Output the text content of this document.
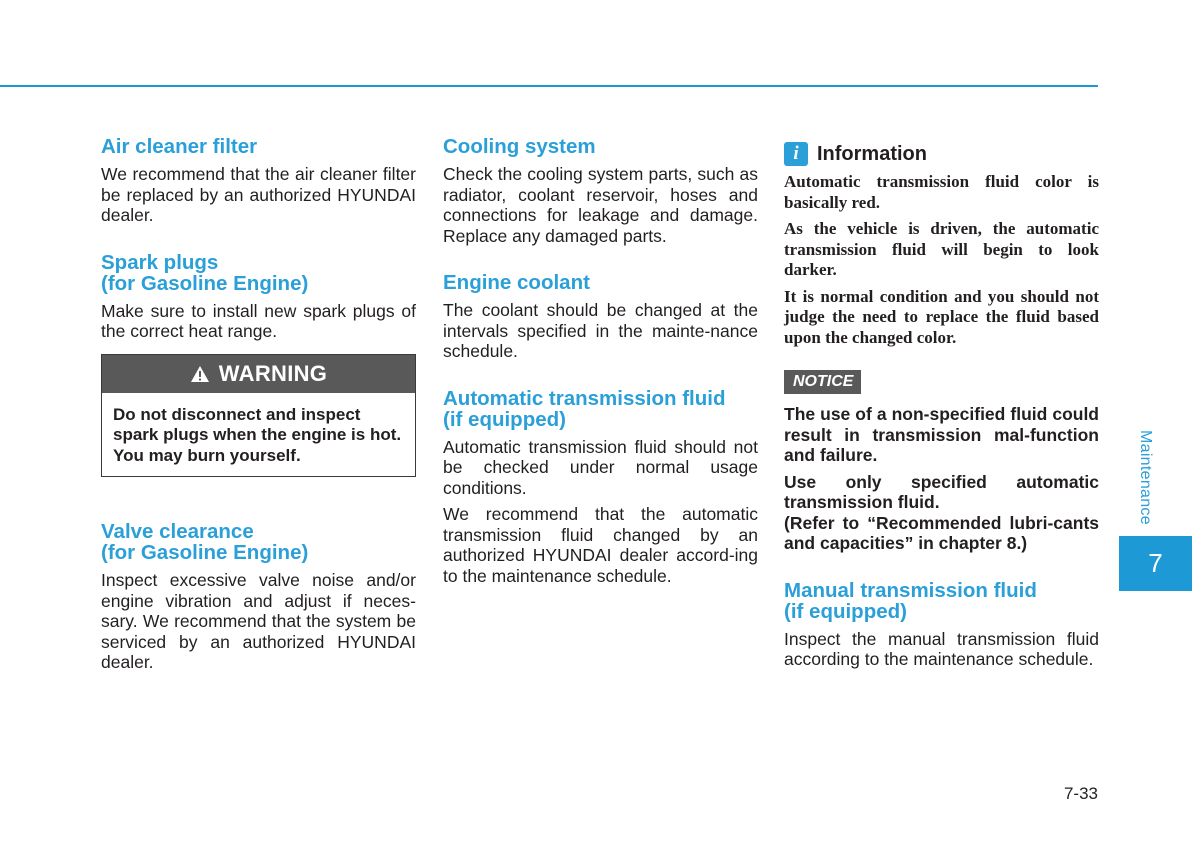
Air cleaner filter

We recommend that the air cleaner filter be replaced by an authorized HYUNDAI dealer.

Spark plugs
(for Gasoline Engine)

Make sure to install new spark plugs of the correct heat range.

WARNING
Do not disconnect and inspect spark plugs when the engine is hot. You may burn yourself.
Valve clearance
(for Gasoline Engine)

Inspect excessive valve noise and/or engine vibration and adjust if neces-sary. We recommend that the system be serviced by an authorized HYUNDAI dealer.

Cooling system

Check the cooling system parts, such as radiator, coolant reservoir, hoses and connections for leakage and damage. Replace any damaged parts.

Engine coolant

The coolant should be changed at the intervals specified in the mainte-nance schedule.

Automatic transmission fluid
(if equipped)

Automatic transmission fluid should not be checked under normal usage conditions.

We recommend that the automatic transmission fluid changed by an authorized HYUNDAI dealer accord-ing to the maintenance schedule.

i Information

Automatic transmission fluid color is basically red.

As the vehicle is driven, the automatic transmission fluid will begin to look darker.

It is normal condition and you should not judge the need to replace the fluid based upon the changed color.

NOTICE

The use of a non-specified fluid could result in transmission mal-function and failure.

Use only specified automatic transmission fluid.
(Refer to “Recommended lubri-cants and capacities” in chapter 8.)

Manual transmission fluid
(if equipped)

Inspect the manual transmission fluid according to the maintenance schedule.

Maintenance
7
7-33
